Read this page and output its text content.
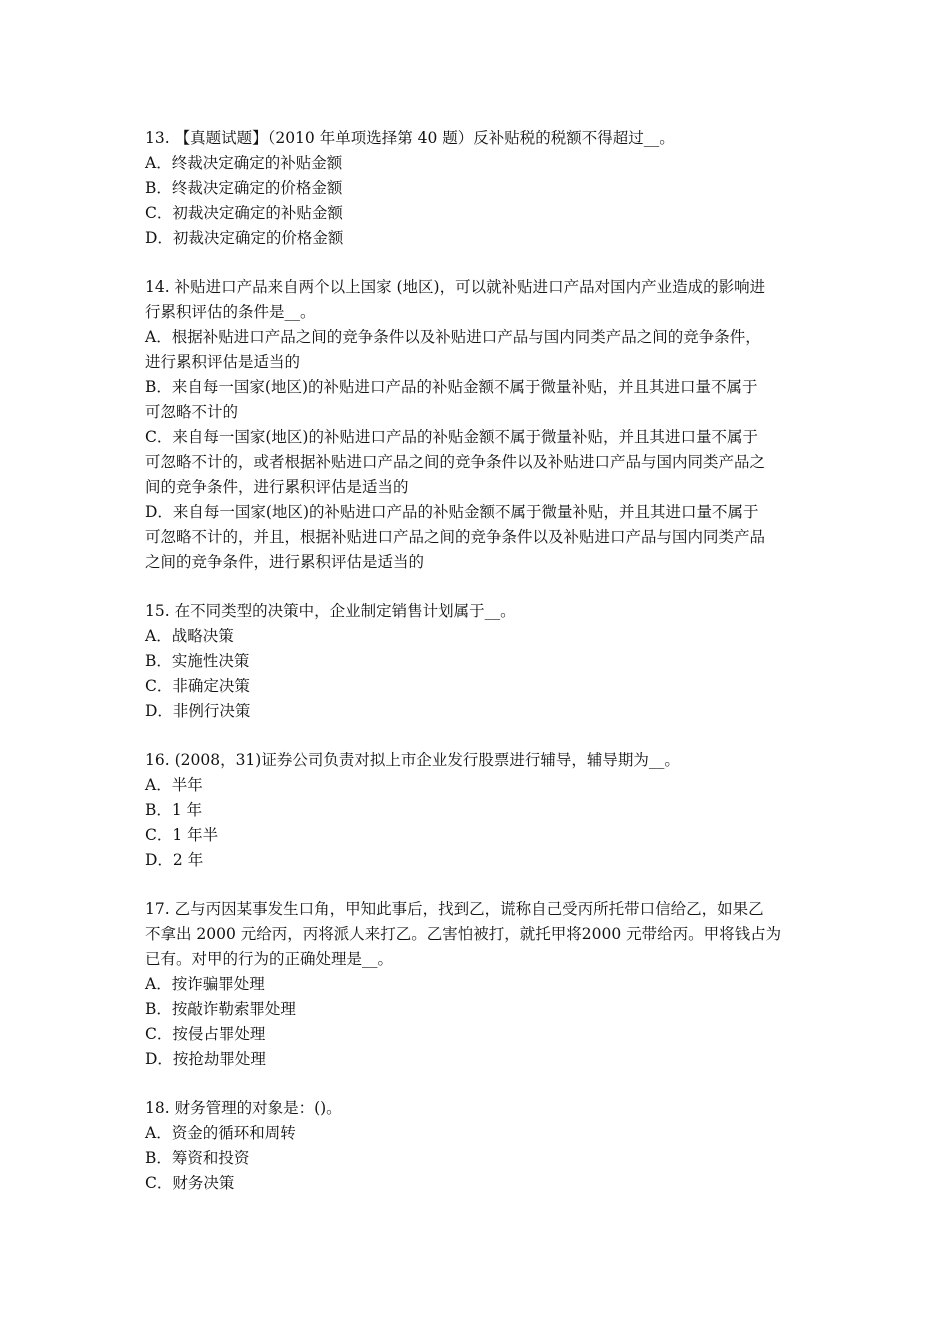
13. 【真题试题】（2010 年单项选择第 40 题）反补贴税的税额不得超过__。
A．终裁决定确定的补贴金额
B．终裁决定确定的价格金额
C．初裁决定确定的补贴金额
D．初裁决定确定的价格金额
14. 补贴进口产品来自两个以上国家 (地区)，可以就补贴进口产品对国内产业造成的影响进
行累积评估的条件是__。
A．根据补贴进口产品之间的竞争条件以及补贴进口产品与国内同类产品之间的竞争条件，
进行累积评估是适当的
B．来自每一国家(地区)的补贴进口产品的补贴金额不属于微量补贴，并且其进口量不属于
可忽略不计的
C．来自每一国家(地区)的补贴进口产品的补贴金额不属于微量补贴，并且其进口量不属于
可忽略不计的，或者根据补贴进口产品之间的竞争条件以及补贴进口产品与国内同类产品之
间的竞争条件，进行累积评估是适当的
D．来自每一国家(地区)的补贴进口产品的补贴金额不属于微量补贴，并且其进口量不属于
可忽略不计的，并且，根据补贴进口产品之间的竞争条件以及补贴进口产品与国内同类产品
之间的竞争条件，进行累积评估是适当的
15. 在不同类型的决策中，企业制定销售计划属于__。
A．战略决策
B．实施性决策
C．非确定决策
D．非例行决策
16. (2008，31)证券公司负责对拟上市企业发行股票进行辅导，辅导期为__。
A．半年
B．1 年
C．1 年半
D．2 年
17. 乙与丙因某事发生口角，甲知此事后，找到乙，谎称自己受丙所托带口信给乙，如果乙
不拿出 2000 元给丙，丙将派人来打乙。乙害怕被打，就托甲将2000 元带给丙。甲将钱占为
已有。对甲的行为的正确处理是__。
A．按诈骗罪处理
B．按敲诈勒索罪处理
C．按侵占罪处理
D．按抢劫罪处理
18. 财务管理的对象是：()。
A．资金的循环和周转
B．筹资和投资
C．财务决策
